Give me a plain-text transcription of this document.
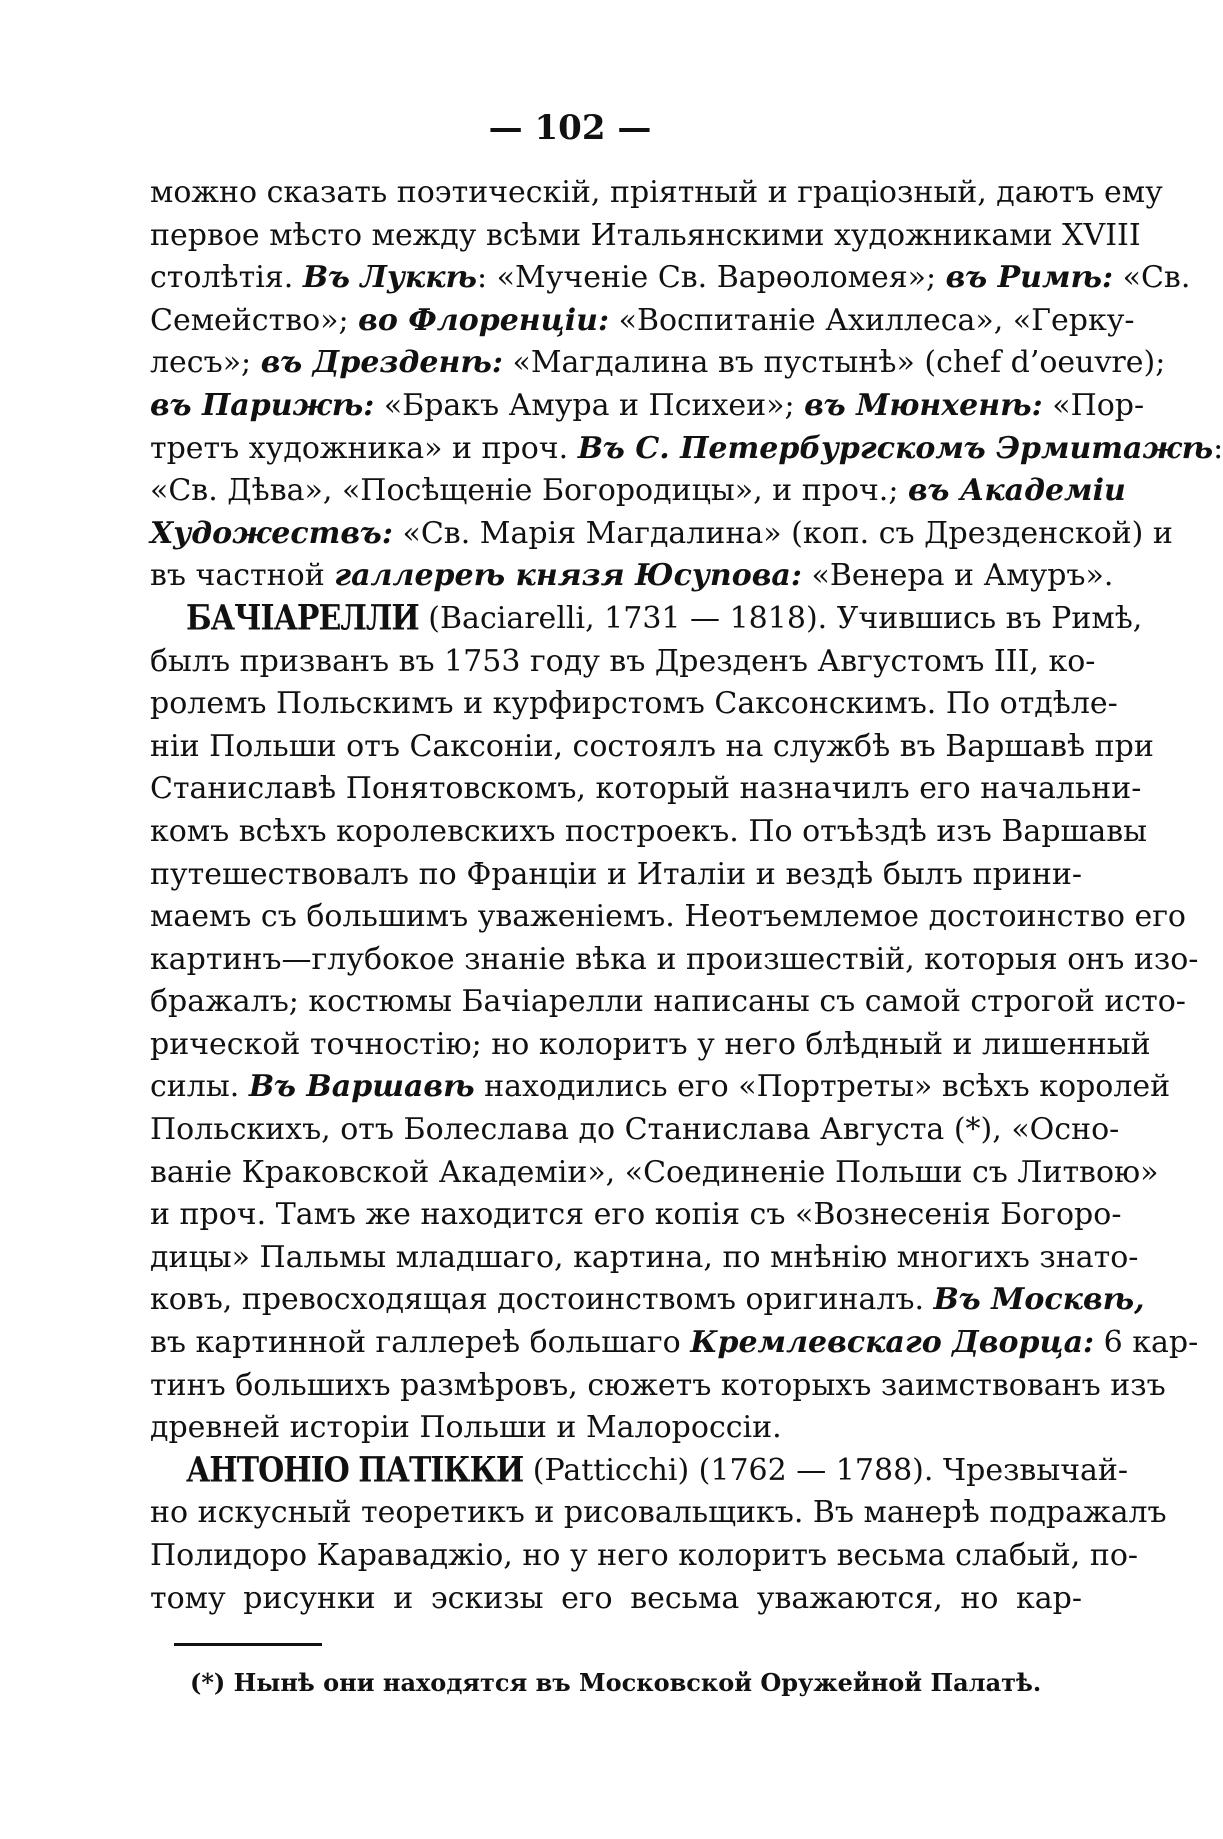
— 102 —
можно сказать поэтическій, пріятный и граціозный, даютъ ему
первое мѣсто между всѣми Итальянскими художниками XVIII
столѣтія. Въ Луккѣ: «Мученіе Св. Варѳоломея»; въ Римѣ: «Св.
Семейство»; во Флоренціи: «Воспитаніе Ахиллеса», «Герку-
лесъ»; въ Дрезденѣ: «Магдалина въ пустынѣ» (chef d’oeuvre);
въ Парижѣ: «Бракъ Амура и Психеи»; въ Мюнхенѣ: «Пор-
третъ художника» и проч. Въ С. Петербургскомъ Эрмитажѣ:
«Св. Дѣва», «Посѣщеніе Богородицы», и проч.; въ Академіи
Художествъ: «Св. Марія Магдалина» (коп. съ Дрезденской) и
въ частной галлереѣ князя Юсупова: «Венера и Амуръ».
БАЧІАРЕЛЛИ (Baciarelli, 1731 — 1818). Учившись въ Римѣ,
былъ призванъ въ 1753 году въ Дрезденъ Августомъ III, ко-
ролемъ Польскимъ и курфирстомъ Саксонскимъ. По отдѣле-
ніи Польши отъ Саксоніи, состоялъ на службѣ въ Варшавѣ при
Станиславѣ Понятовскомъ, который назначилъ его начальни-
комъ всѣхъ королевскихъ построекъ. По отъѣздѣ изъ Варшавы
путешествовалъ по Франціи и Италіи и вездѣ былъ прини-
маемъ съ большимъ уваженіемъ. Неотъемлемое достоинство его
картинъ—глубокое знаніе вѣка и произшествій, которыя онъ изо-
бражалъ; костюмы Бачіарелли написаны съ самой строгой исто-
рической точностію; но колоритъ у него блѣдный и лишенный
силы. Въ Варшавѣ находились его «Портреты» всѣхъ королей
Польскихъ, отъ Болеслава до Станислава Августа (*), «Осно-
ваніе Краковской Академіи», «Соединеніе Польши съ Литвою»
и проч. Тамъ же находится его копія съ «Вознесенія Богоро-
дицы» Пальмы младшаго, картина, по мнѣнію многихъ знато-
ковъ, превосходящая достоинствомъ оригиналъ. Въ Москвѣ,
въ картинной галлереѣ большаго Кремлевскаго Дворца: 6 кар-
тинъ большихъ размѣровъ, сюжетъ которыхъ заимствованъ изъ
древней исторіи Польши и Малороссіи.
АНТОНІО ПАТІККИ (Patticchi) (1762 — 1788). Чрезвычай-
но искусный теоретикъ и рисовальщикъ. Въ манерѣ подражалъ
Полидоро Караваджіо, но у него колоритъ весьма слабый, по-
тому рисунки и эскизы его весьма уважаются, но кар-
(*) Нынѣ они находятся въ Московской Оружейной Палатѣ.
